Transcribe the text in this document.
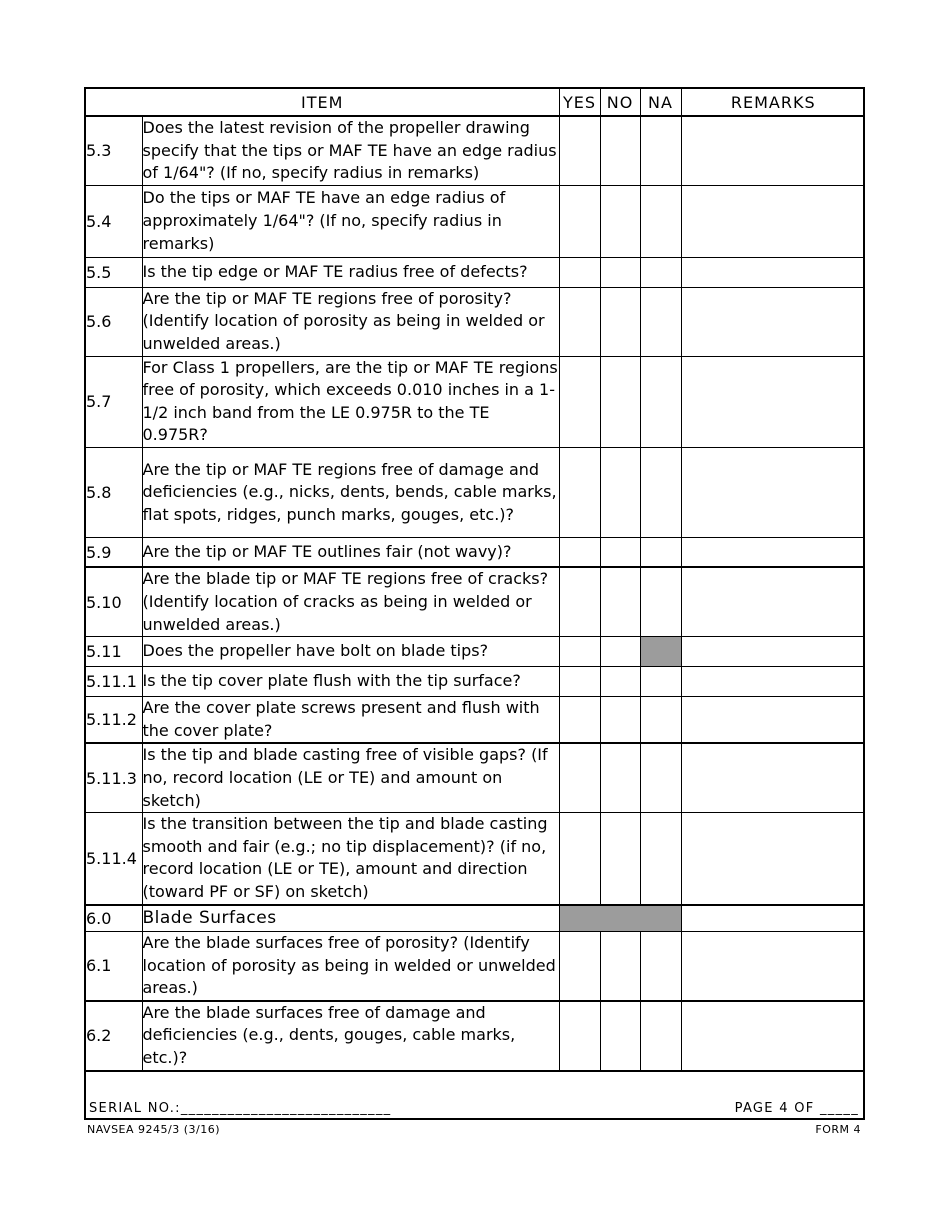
ITEM		YES	NO	NA	REMARKS
5.3	Does the latest revision of the propeller drawing specify that the tips or MAF TE have an edge radius of 1/64"? (If no, specify radius in remarks)				
5.4	Do the tips or MAF TE have an edge radius of approximately 1/64"? (If no, specify radius in remarks)				
5.5	Is the tip edge or MAF TE radius free of defects?				
5.6	Are the tip or MAF TE regions free of porosity? (Identify location of porosity as being in welded or unwelded areas.)				
5.7	For Class 1 propellers, are the tip or MAF TE regions free of porosity, which exceeds 0.010 inches in a 1-1/2 inch band from the LE 0.975R to the TE 0.975R?				
5.8	Are the tip or MAF TE regions free of damage and deficiencies (e.g., nicks, dents, bends, cable marks, flat spots, ridges, punch marks, gouges, etc.)?				
5.9	Are the tip or MAF TE outlines fair (not wavy)?				
5.10	Are the blade tip or MAF TE regions free of cracks? (Identify location of cracks as being in welded or unwelded areas.)				
5.11	Does the propeller have bolt on blade tips?				
5.11.1	Is the tip cover plate flush with the tip surface?				
5.11.2	Are the cover plate screws present and flush with the cover plate?				
5.11.3	Is the tip and blade casting free of visible gaps? (If no, record location (LE or TE) and amount on sketch)				
5.11.4	Is the transition between the tip and blade casting smooth and fair (e.g.; no tip displacement)? (if no, record location (LE or TE), amount and direction (toward PF or SF) on sketch)				
6.0	Blade Surfaces				
6.1	Are the blade surfaces free of porosity? (Identify location of porosity as being in welded or unwelded areas.)				
6.2	Are the blade surfaces free of damage and deficiencies (e.g., dents, gouges, cable marks, etc.)?				
SERIAL NO.:___________________________	PAGE 4 OF _____
NAVSEA 9245/3 (3/16)	FORM 4
